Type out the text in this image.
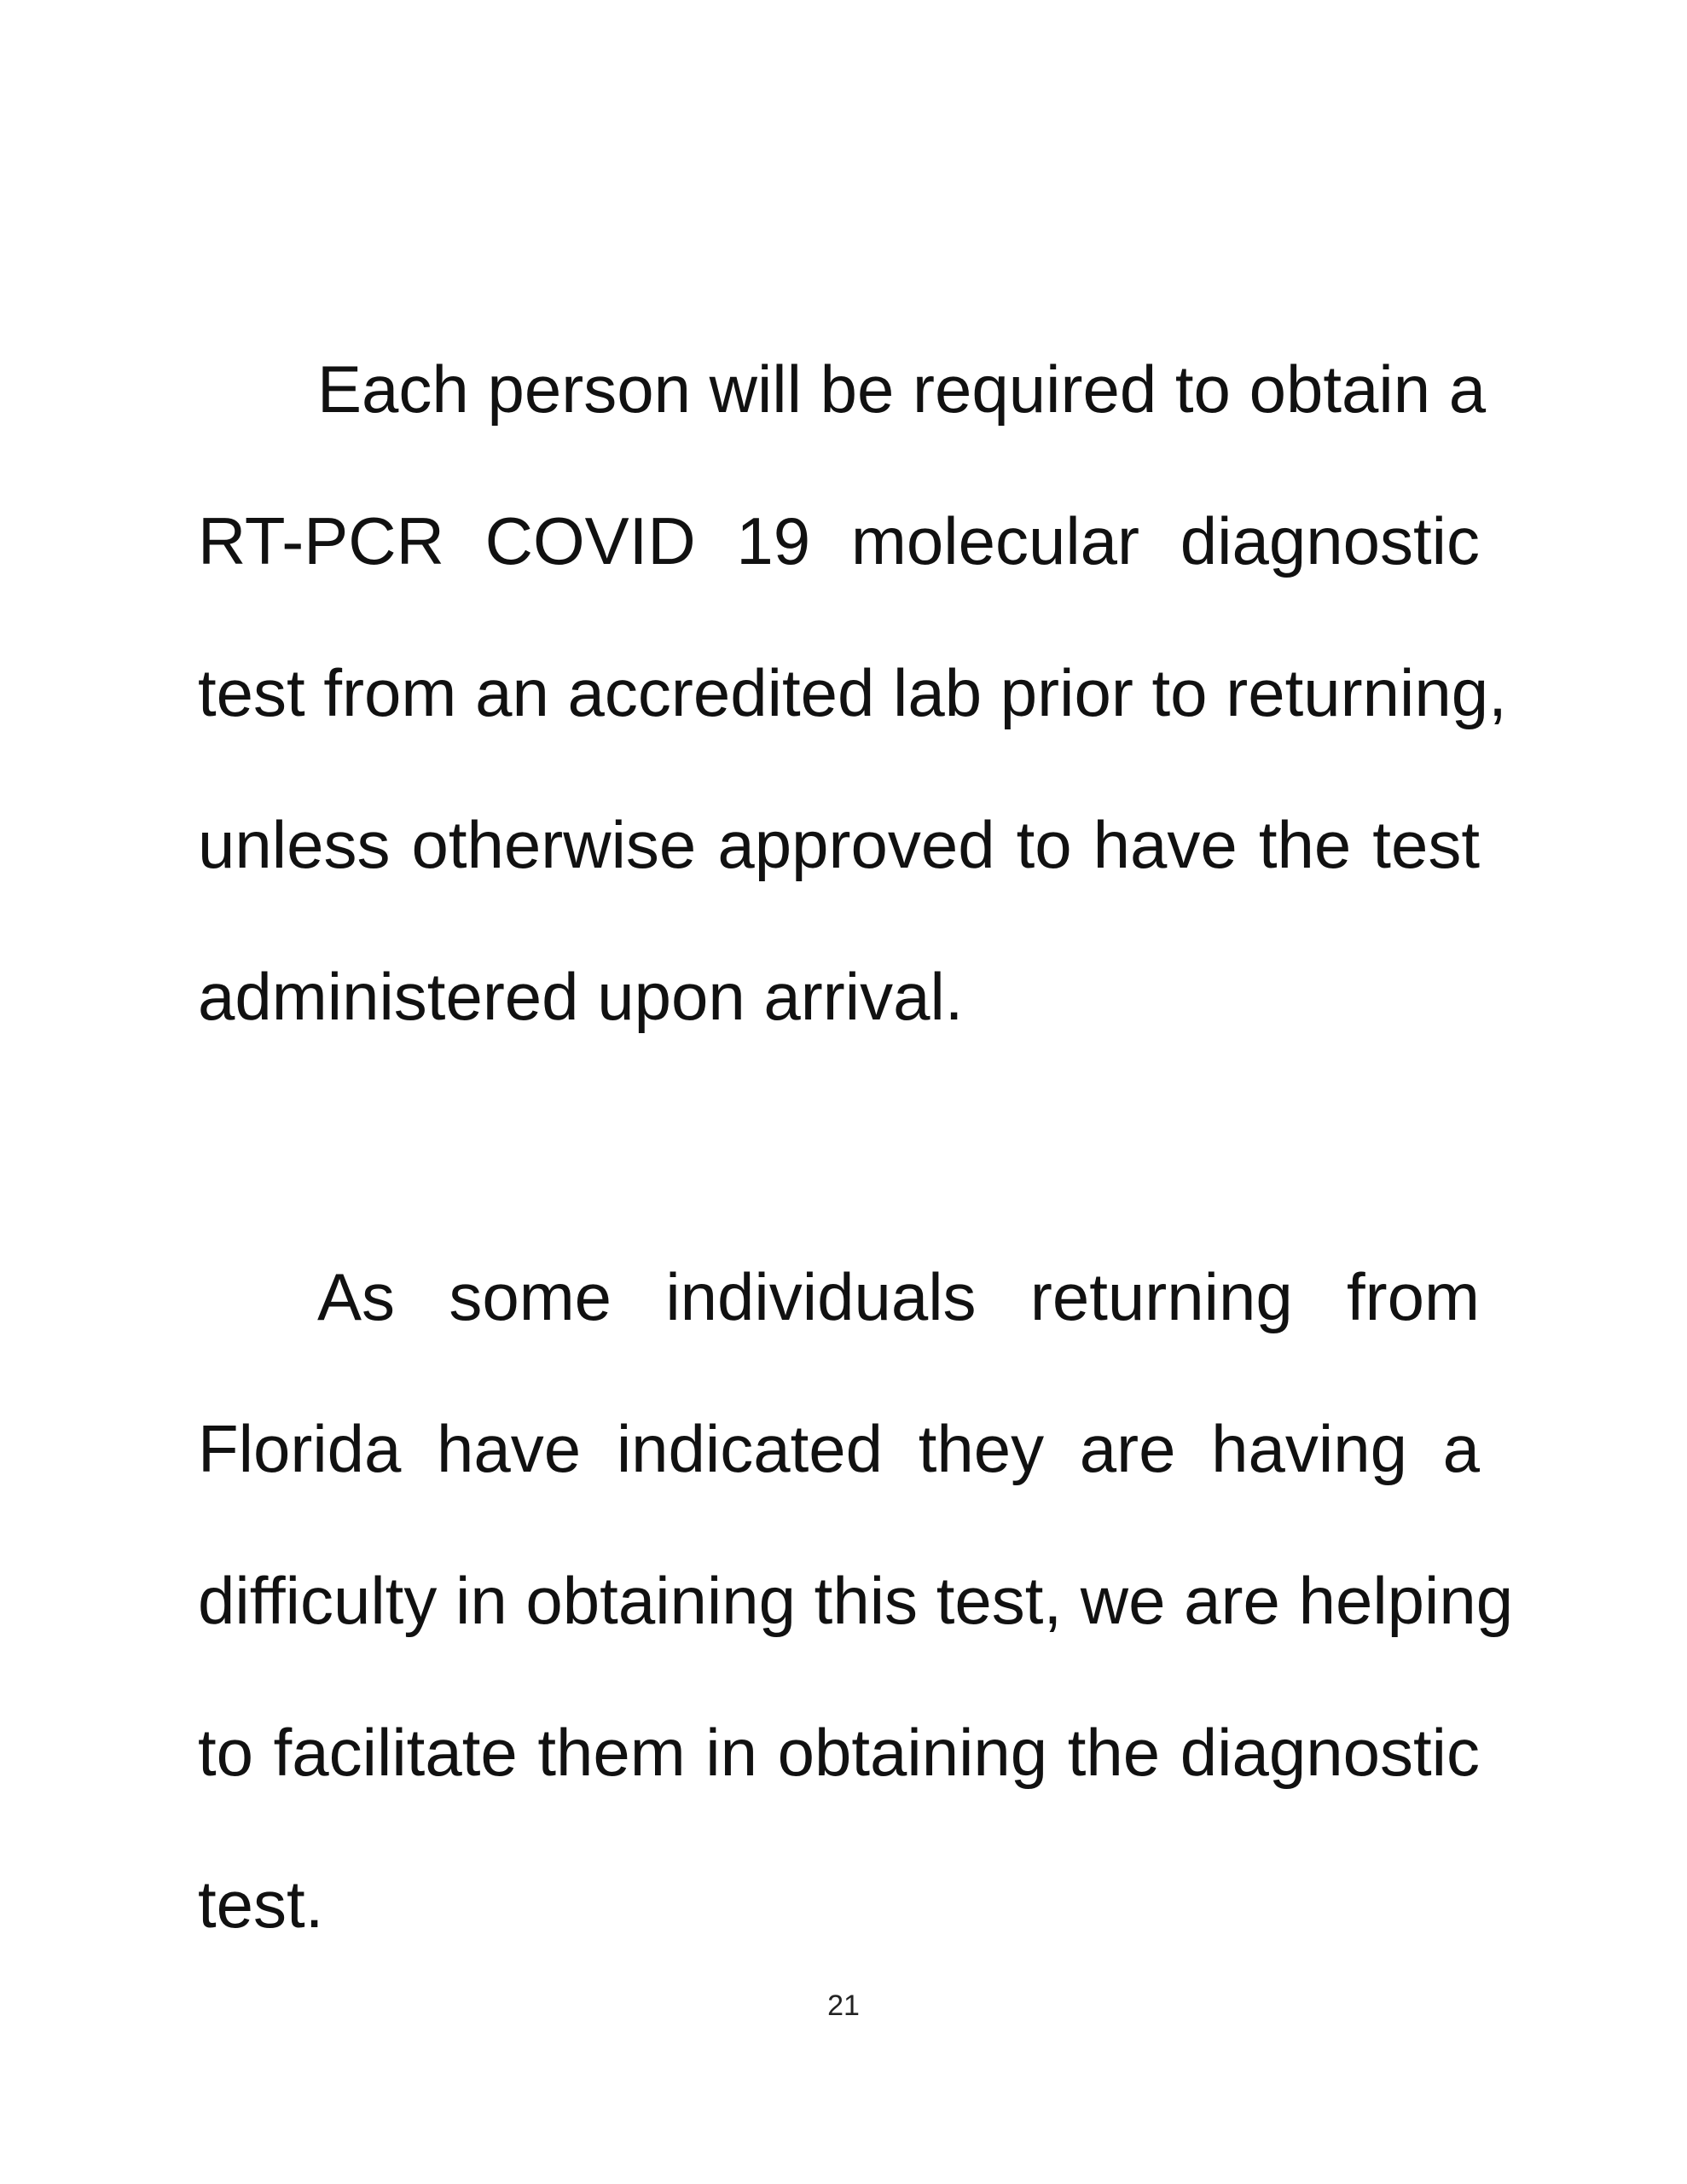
Each person will be required to obtain a
RT-PCR COVID 19 molecular diagnostic
test from an accredited lab prior to returning,
unless otherwise approved to have the test
administered upon arrival.
As some individuals returning from
Florida have indicated they are having a
difficulty in obtaining this test, we are helping
to facilitate them in obtaining the diagnostic
test.
21
